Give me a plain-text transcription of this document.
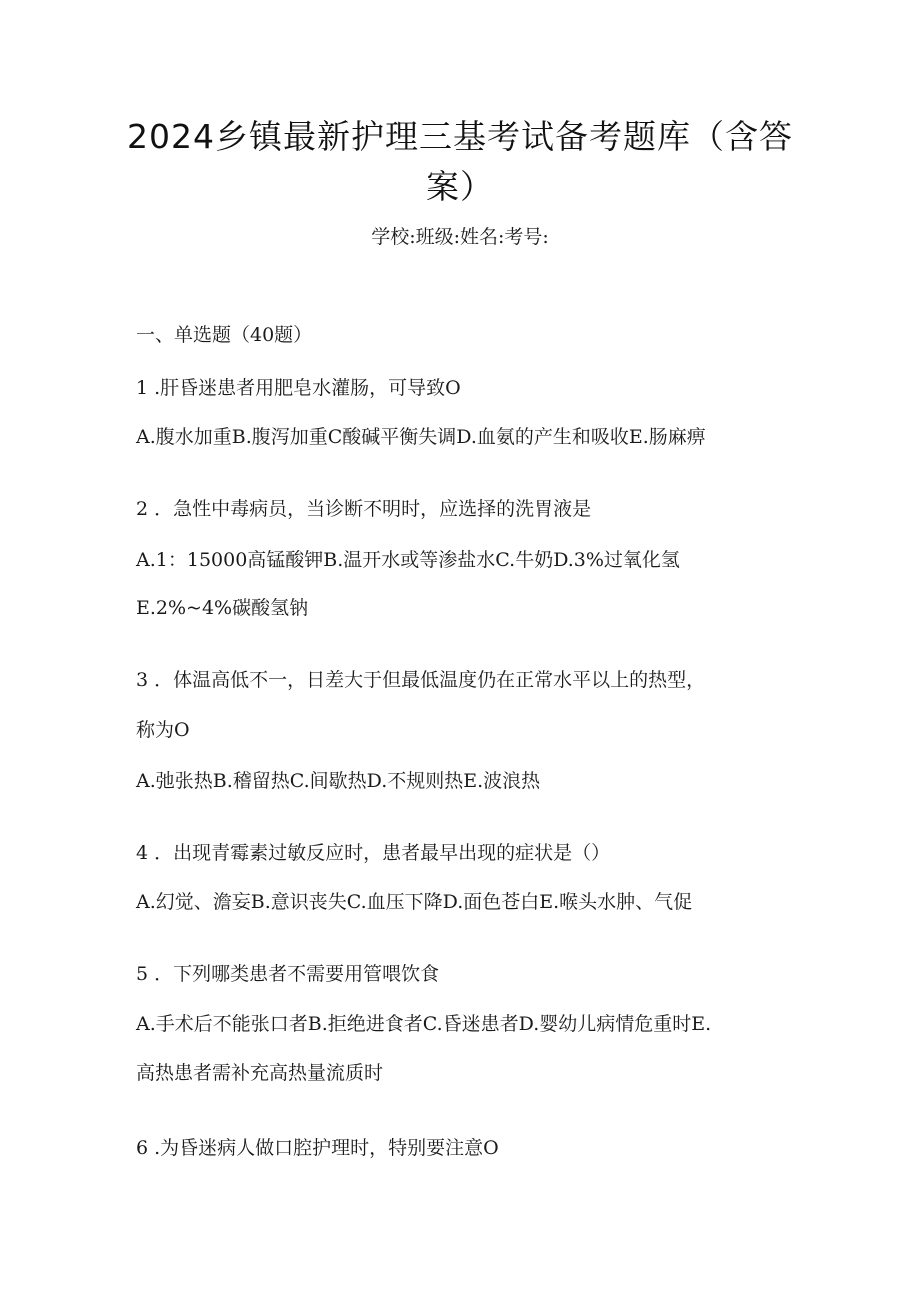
2024乡镇最新护理三基考试备考题库（含答
案）
学校:班级:姓名:考号:
一、单选题（40题）
1 .肝昏迷患者用肥皂水灌肠，可导致O
A.腹水加重B.腹泻加重C酸碱平衡失调D.血氨的产生和吸收E.肠麻痹
2 ．急性中毒病员，当诊断不明时，应选择的洗胃液是
A.1：15000高锰酸钾B.温开水或等渗盐水C.牛奶D.3%过氧化氢
E.2%~4%碳酸氢钠
3 ．体温高低不一，日差大于但最低温度仍在正常水平以上的热型，
称为O
A.弛张热B.稽留热C.间歇热D.不规则热E.波浪热
4 ．出现青霉素过敏反应时，患者最早出现的症状是（）
A.幻觉、澹妄B.意识丧失C.血压下降D.面色苍白E.喉头水肿、气促
5 ．下列哪类患者不需要用管喂饮食
A.手术后不能张口者B.拒绝进食者C.昏迷患者D.婴幼儿病情危重时E.
高热患者需补充高热量流质时
6 .为昏迷病人做口腔护理时，特别要注意O
